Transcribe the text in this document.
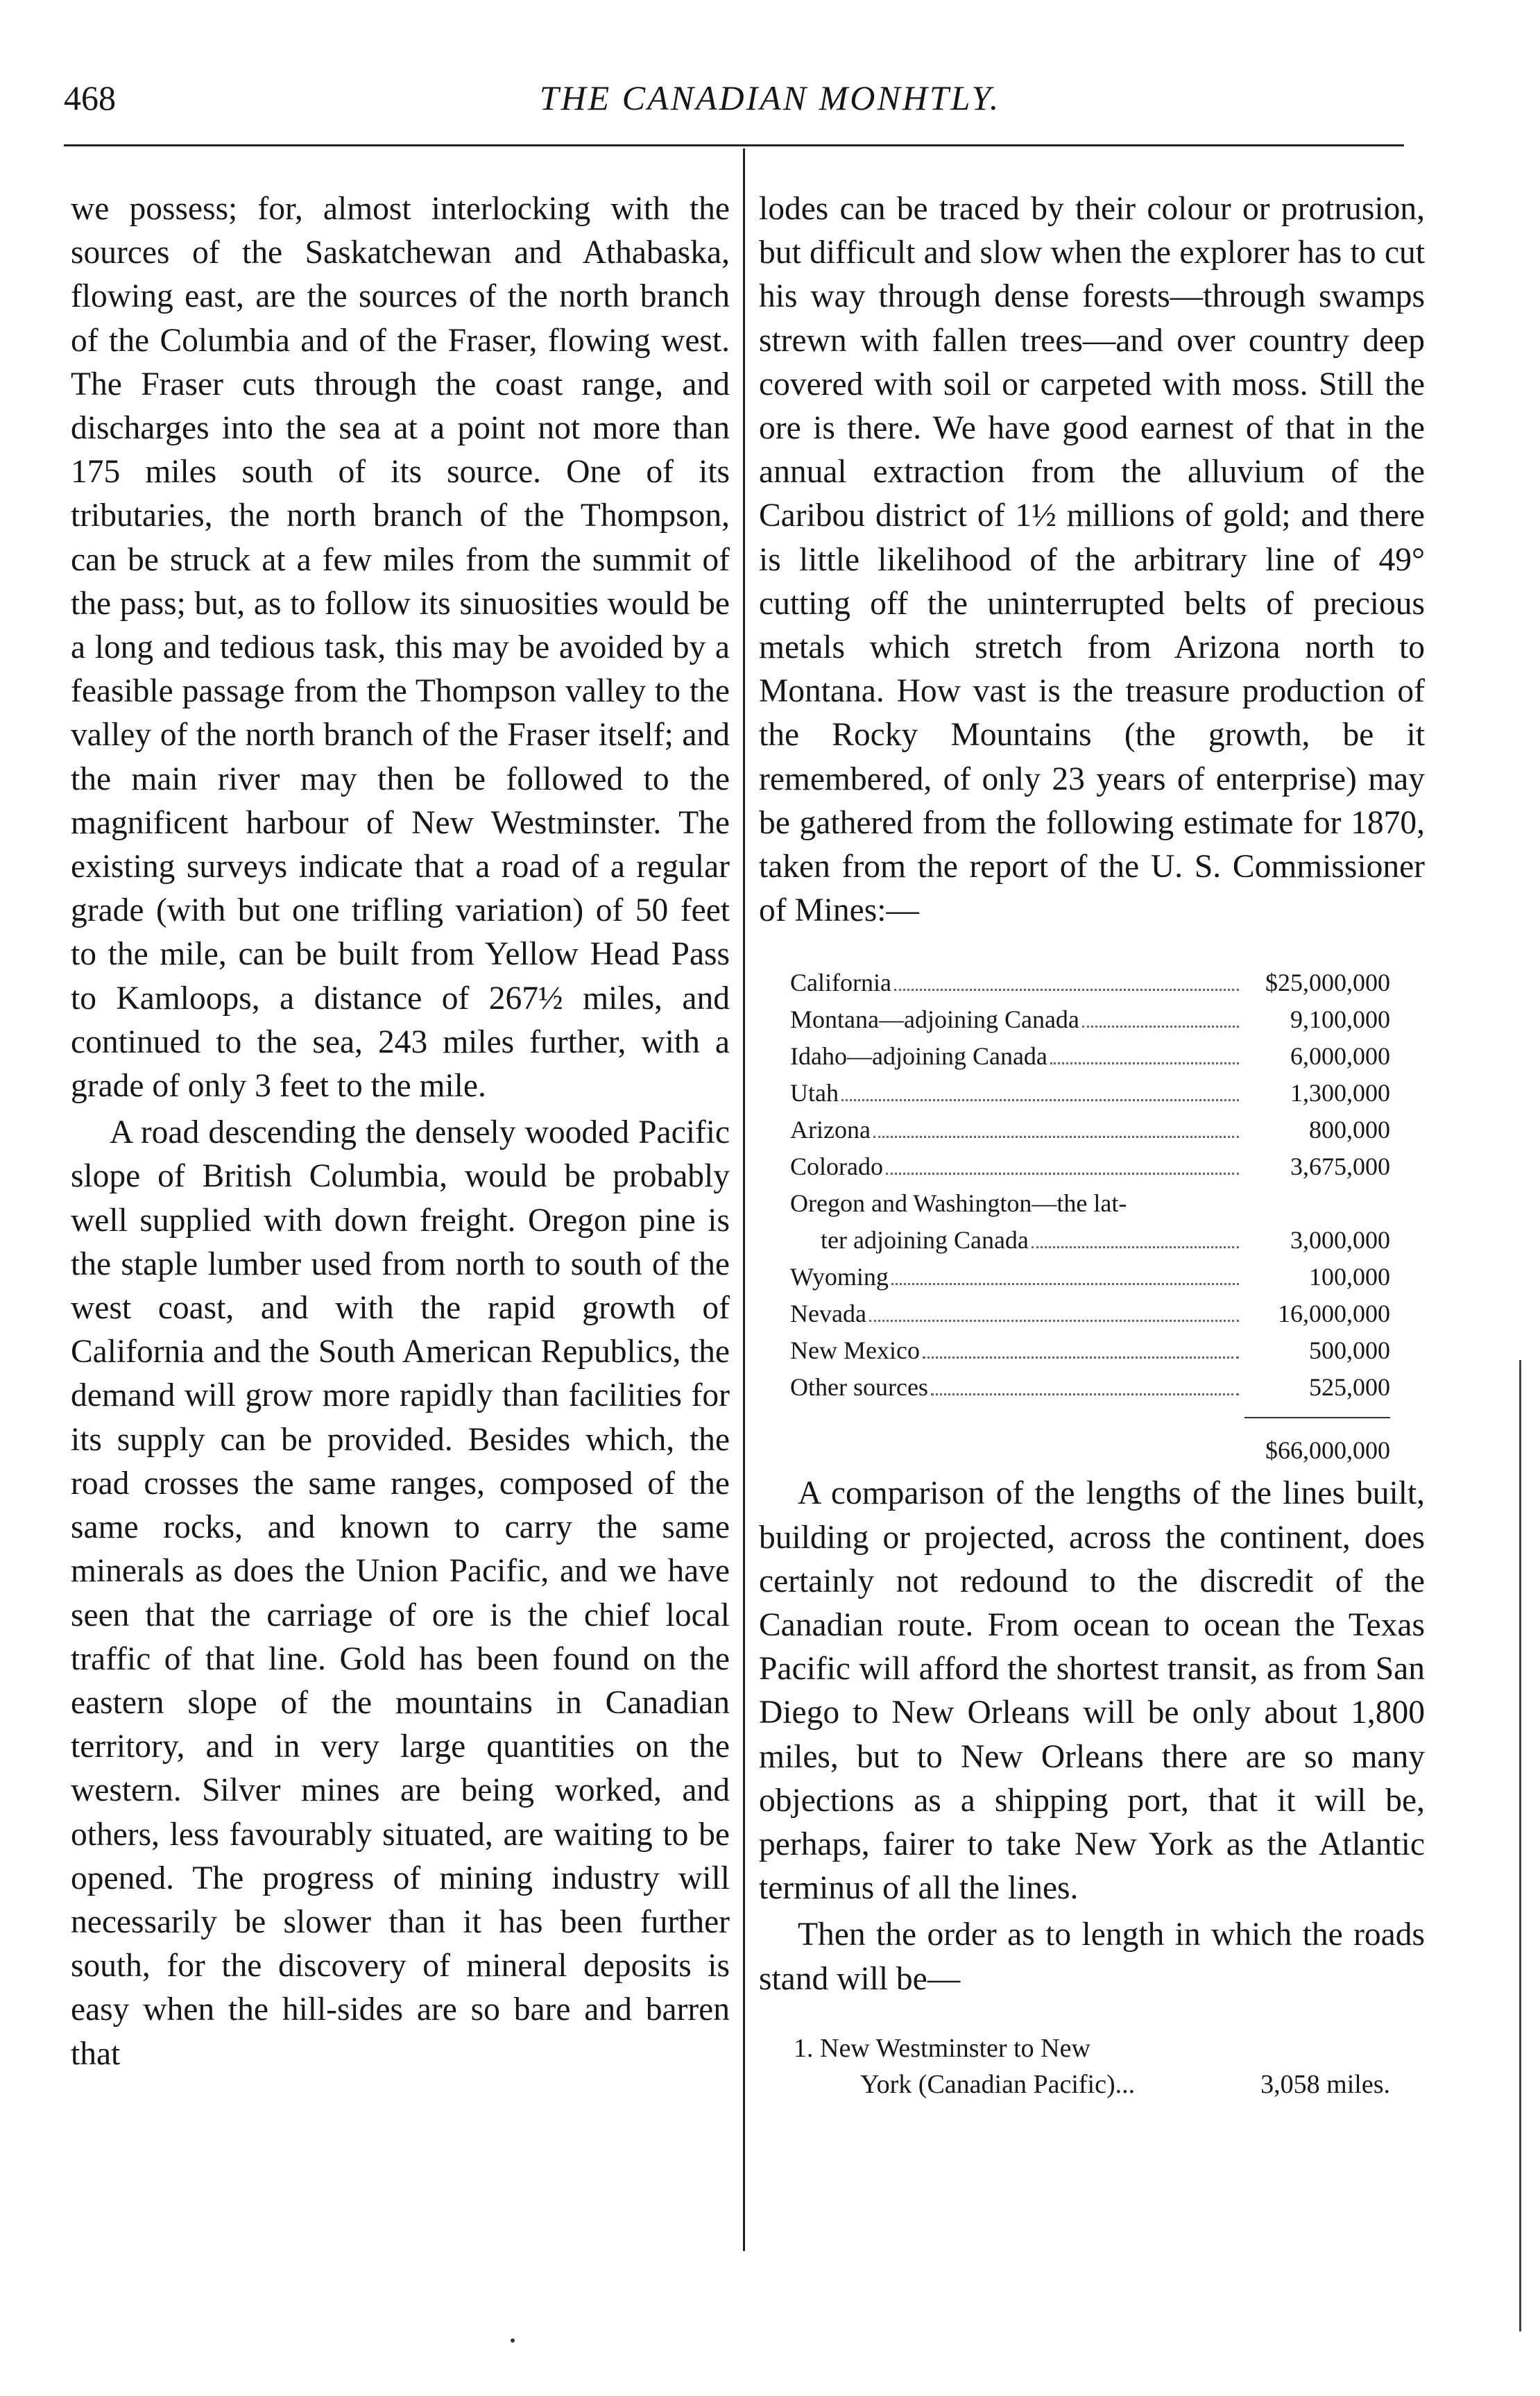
468	THE CANADIAN MONHTLY.

we possess; for, almost interlocking with the sources of the Saskatchewan and Athabaska, flowing east, are the sources of the north branch of the Columbia and of the Fraser, flowing west. The Fraser cuts through the coast range, and discharges into the sea at a point not more than 175 miles south of its source. One of its tributaries, the north branch of the Thompson, can be struck at a few miles from the summit of the pass; but, as to follow its sinuosities would be a long and tedious task, this may be avoided by a feasible passage from the Thompson valley to the valley of the north branch of the Fraser itself; and the main river may then be followed to the magnificent harbour of New Westminster. The existing surveys indicate that a road of a regular grade (with but one trifling variation) of 50 feet to the mile, can be built from Yellow Head Pass to Kamloops, a distance of 267½ miles, and continued to the sea, 243 miles further, with a grade of only 3 feet to the mile.

A road descending the densely wooded Pacific slope of British Columbia, would be probably well supplied with down freight. Oregon pine is the staple lumber used from north to south of the west coast, and with the rapid growth of California and the South American Republics, the demand will grow more rapidly than facilities for its supply can be provided. Besides which, the road crosses the same ranges, composed of the same rocks, and known to carry the same minerals as does the Union Pacific, and we have seen that the carriage of ore is the chief local traffic of that line. Gold has been found on the eastern slope of the mountains in Canadian territory, and in very large quantities on the western. Silver mines are being worked, and others, less favourably situated, are waiting to be opened. The progress of mining industry will necessarily be slower than it has been further south, for the discovery of mineral deposits is easy when the hill-sides are so bare and barren that

lodes can be traced by their colour or protrusion, but difficult and slow when the explorer has to cut his way through dense forests—through swamps strewn with fallen trees—and over country deep covered with soil or carpeted with moss. Still the ore is there. We have good earnest of that in the annual extraction from the alluvium of the Caribou district of 1½ millions of gold; and there is little likelihood of the arbitrary line of 49° cutting off the uninterrupted belts of precious metals which stretch from Arizona north to Montana. How vast is the treasure production of the Rocky Mountains (the growth, be it remembered, of only 23 years of enterprise) may be gathered from the following estimate for 1870, taken from the report of the U. S. Commissioner of Mines:—

California	$25,000,000
Montana—adjoining Canada	9,100,000
Idaho—adjoining Canada	6,000,000
Utah	1,300,000
Arizona	800,000
Colorado	3,675,000
Oregon and Washington—the lat-
ter adjoining Canada	3,000,000
Wyoming	100,000
Nevada	16,000,000
New Mexico	500,000
Other sources	525,000
$66,000,000

A comparison of the lengths of the lines built, building or projected, across the continent, does certainly not redound to the discredit of the Canadian route. From ocean to ocean the Texas Pacific will afford the shortest transit, as from San Diego to New Orleans will be only about 1,800 miles, but to New Orleans there are so many objections as a shipping port, that it will be, perhaps, fairer to take New York as the Atlantic terminus of all the lines.

Then the order as to length in which the roads stand will be—

1. New Westminster to New
York (Canadian Pacific)...	3,058 miles.
